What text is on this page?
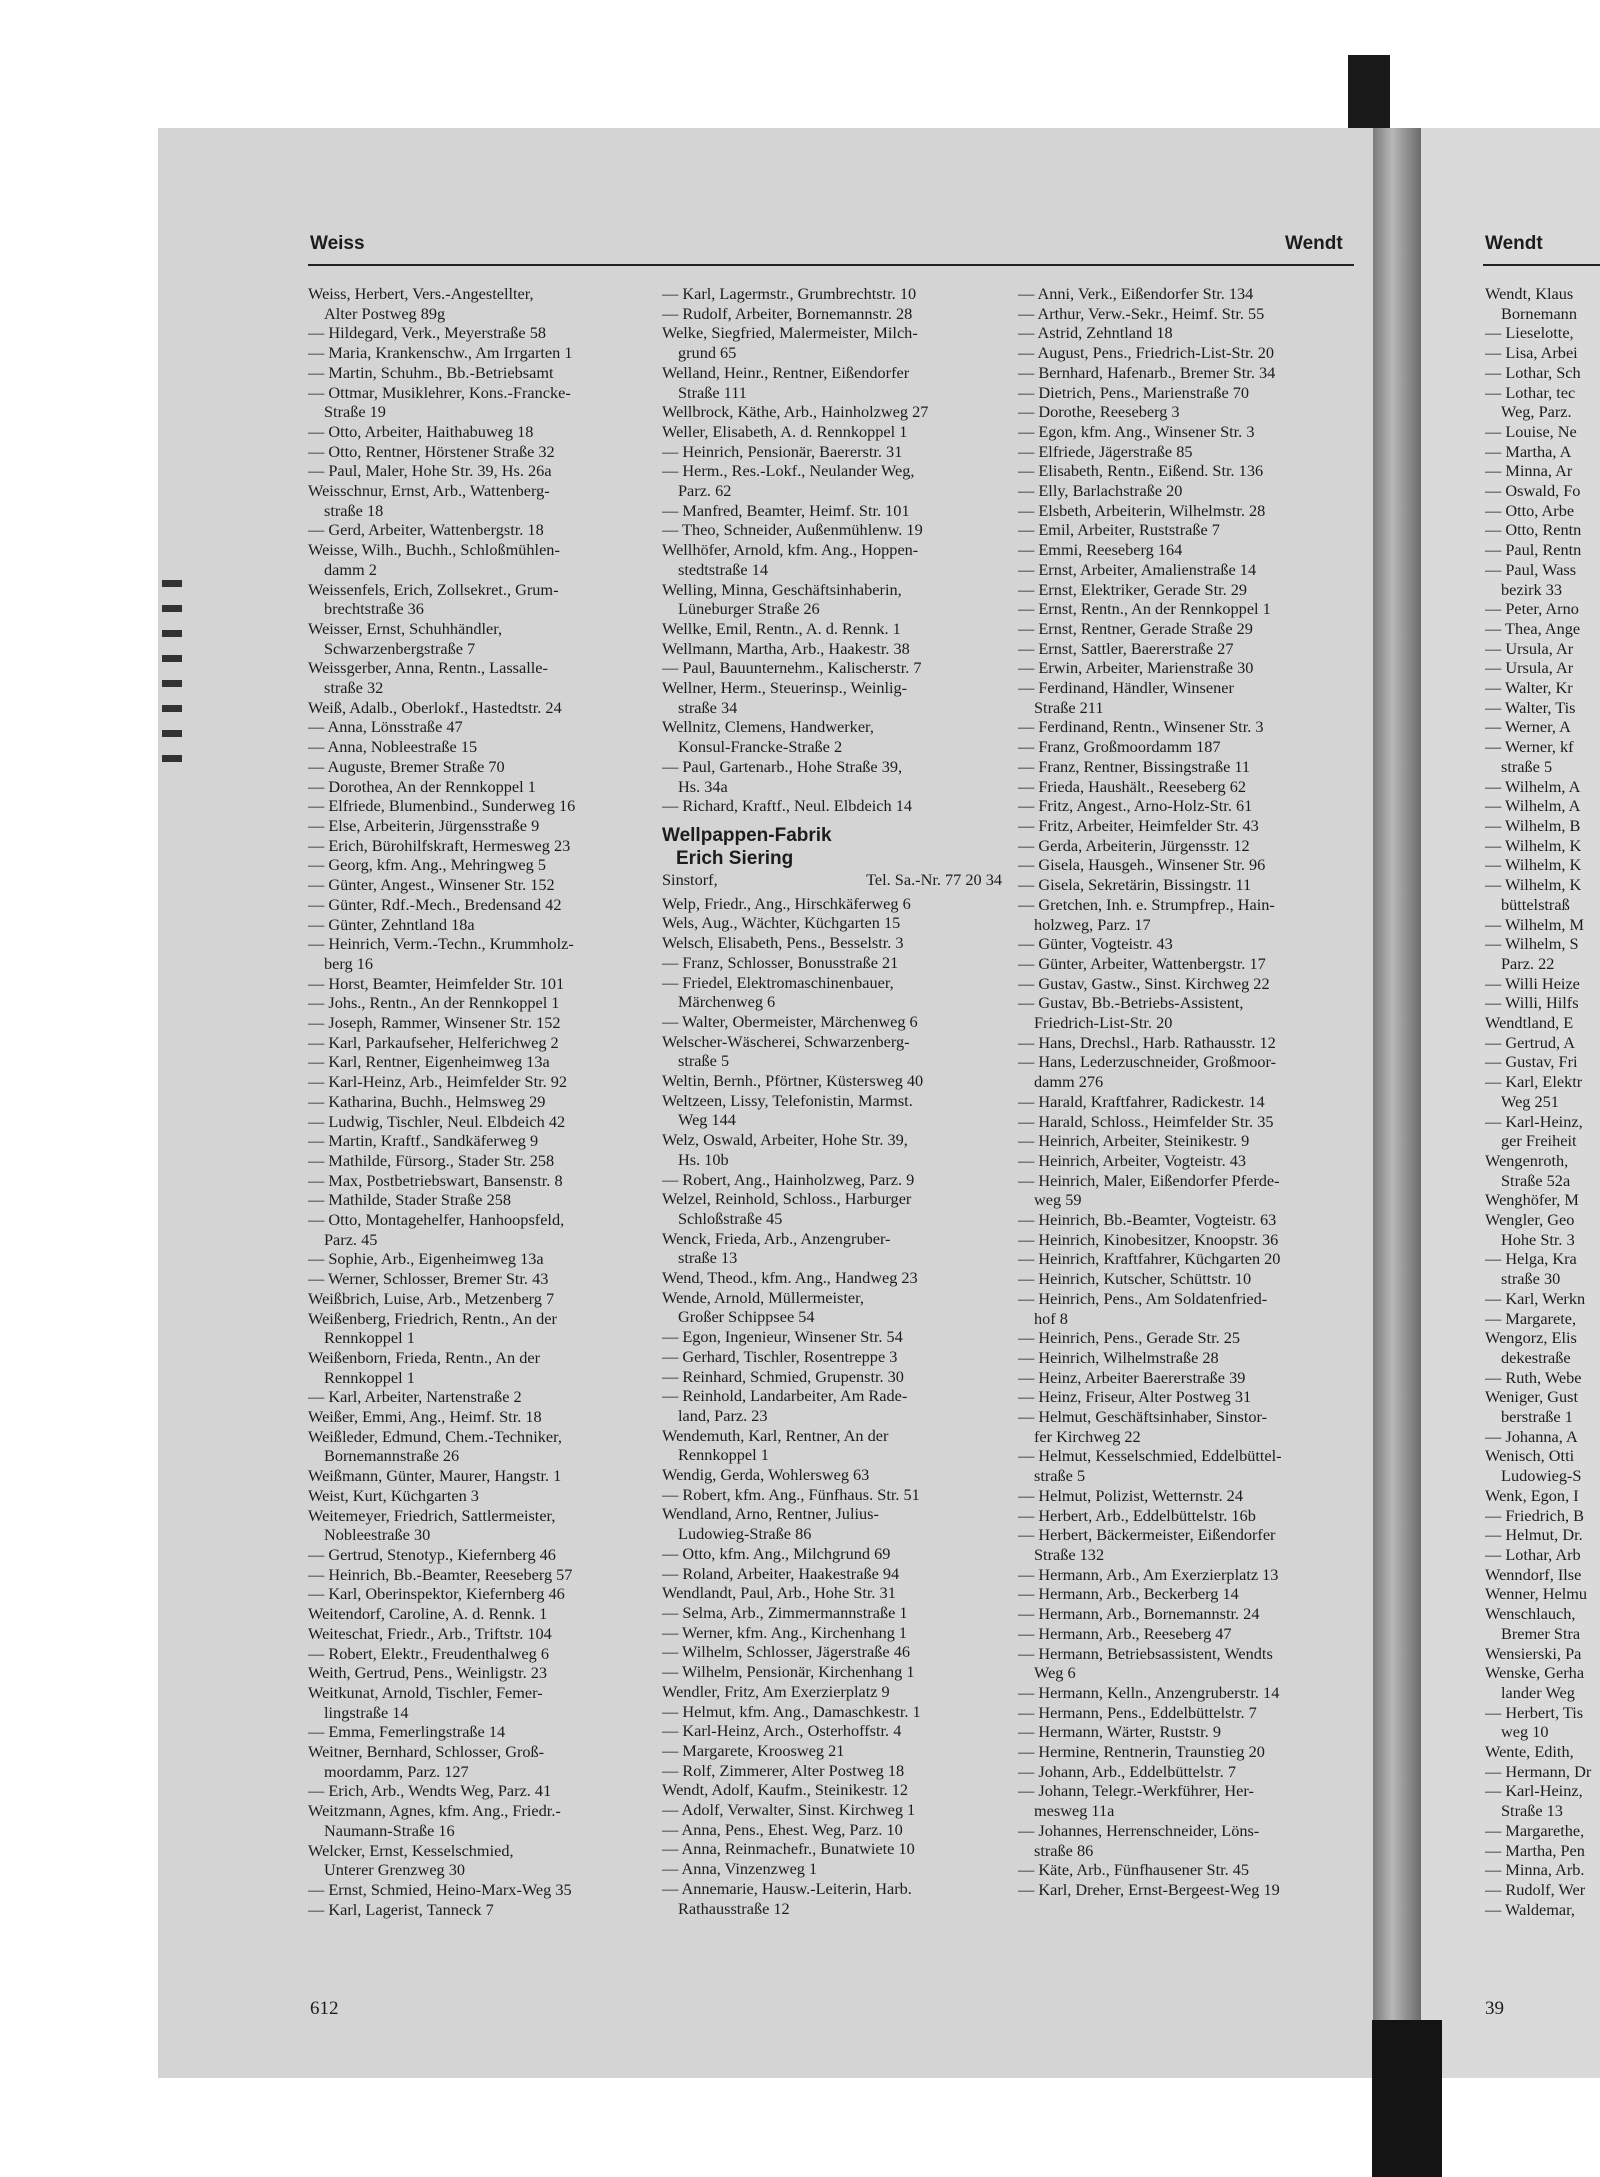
Weiss	Wendt
Weiss, Herbert, Vers.-Angestellter,
Alter Postweg 89g
— Hildegard, Verk., Meyerstraße 58
— Maria, Krankenschw., Am Irrgarten 1
— Martin, Schuhm., Bb.-Betriebsamt
— Ottmar, Musiklehrer, Kons.-Francke-
Straße 19
— Otto, Arbeiter, Haithabuweg 18
— Otto, Rentner, Hörstener Straße 32
— Paul, Maler, Hohe Str. 39, Hs. 26a
Weisschnur, Ernst, Arb., Wattenberg-
straße 18
— Gerd, Arbeiter, Wattenbergstr. 18
Weisse, Wilh., Buchh., Schloßmühlen-
damm 2
Weissenfels, Erich, Zollsekret., Grum-
brechtstraße 36
Weisser, Ernst, Schuhhändler,
Schwarzenbergstraße 7
Weissgerber, Anna, Rentn., Lassalle-
straße 32
Weiß, Adalb., Oberlokf., Hastedtstr. 24
— Anna, Lönsstraße 47
— Anna, Nobleestraße 15
— Auguste, Bremer Straße 70
— Dorothea, An der Rennkoppel 1
— Elfriede, Blumenbind., Sunderweg 16
— Else, Arbeiterin, Jürgensstraße 9
— Erich, Bürohilfskraft, Hermesweg 23
— Georg, kfm. Ang., Mehringweg 5
— Günter, Angest., Winsener Str. 152
— Günter, Rdf.-Mech., Bredensand 42
— Günter, Zehntland 18a
— Heinrich, Verm.-Techn., Krummholz-
berg 16
— Horst, Beamter, Heimfelder Str. 101
— Johs., Rentn., An der Rennkoppel 1
— Joseph, Rammer, Winsener Str. 152
— Karl, Parkaufseher, Helferichweg 2
— Karl, Rentner, Eigenheimweg 13a
— Karl-Heinz, Arb., Heimfelder Str. 92
— Katharina, Buchh., Helmsweg 29
— Ludwig, Tischler, Neul. Elbdeich 42
— Martin, Kraftf., Sandkäferweg 9
— Mathilde, Fürsorg., Stader Str. 258
— Max, Postbetriebswart, Bansenstr. 8
— Mathilde, Stader Straße 258
— Otto, Montagehelfer, Hanhoopsfeld,
Parz. 45
— Sophie, Arb., Eigenheimweg 13a
— Werner, Schlosser, Bremer Str. 43
Weißbrich, Luise, Arb., Metzenberg 7
Weißenberg, Friedrich, Rentn., An der
Rennkoppel 1
Weißenborn, Frieda, Rentn., An der
Rennkoppel 1
— Karl, Arbeiter, Nartenstraße 2
Weißer, Emmi, Ang., Heimf. Str. 18
Weißleder, Edmund, Chem.-Techniker,
Bornemannstraße 26
Weißmann, Günter, Maurer, Hangstr. 1
Weist, Kurt, Küchgarten 3
Weitemeyer, Friedrich, Sattlermeister,
Nobleestraße 30
— Gertrud, Stenotyp., Kiefernberg 46
— Heinrich, Bb.-Beamter, Reeseberg 57
— Karl, Oberinspektor, Kiefernberg 46
Weitendorf, Caroline, A. d. Rennk. 1
Weiteschat, Friedr., Arb., Triftstr. 104
— Robert, Elektr., Freudenthalweg 6
Weith, Gertrud, Pens., Weinligstr. 23
Weitkunat, Arnold, Tischler, Femer-
lingstraße 14
— Emma, Femerlingstraße 14
Weitner, Bernhard, Schlosser, Groß-
moordamm, Parz. 127
— Erich, Arb., Wendts Weg, Parz. 41
Weitzmann, Agnes, kfm. Ang., Friedr.-
Naumann-Straße 16
Welcker, Ernst, Kesselschmied,
Unterer Grenzweg 30
— Ernst, Schmied, Heino-Marx-Weg 35
— Karl, Lagerist, Tanneck 7
— Karl, Lagermstr., Grumbrechtstr. 10
— Rudolf, Arbeiter, Bornemannstr. 28
Welke, Siegfried, Malermeister, Milch-
grund 65
Welland, Heinr., Rentner, Eißendorfer
Straße 111
Wellbrock, Käthe, Arb., Hainholzweg 27
Weller, Elisabeth, A. d. Rennkoppel 1
— Heinrich, Pensionär, Baererstr. 31
— Herm., Res.-Lokf., Neulander Weg,
Parz. 62
— Manfred, Beamter, Heimf. Str. 101
— Theo, Schneider, Außenmühlenw. 19
Wellhöfer, Arnold, kfm. Ang., Hoppen-
stedtstraße 14
Welling, Minna, Geschäftsinhaberin,
Lüneburger Straße 26
Wellke, Emil, Rentn., A. d. Rennk. 1
Wellmann, Martha, Arb., Haakestr. 38
— Paul, Bauunternehm., Kalischerstr. 7
Wellner, Herm., Steuerinsp., Weinlig-
straße 34
Wellnitz, Clemens, Handwerker,
Konsul-Francke-Straße 2
— Paul, Gartenarb., Hohe Straße 39,
Hs. 34a
— Richard, Kraftf., Neul. Elbdeich 14
Wellpappen-Fabrik
Erich Siering
Sinstorf,	Tel. Sa.-Nr. 77 20 34
Welp, Friedr., Ang., Hirschkäferweg 6
Wels, Aug., Wächter, Küchgarten 15
Welsch, Elisabeth, Pens., Besselstr. 3
— Franz, Schlosser, Bonusstraße 21
— Friedel, Elektromaschinenbauer,
Märchenweg 6
— Walter, Obermeister, Märchenweg 6
Welscher-Wäscherei, Schwarzenberg-
straße 5
Weltin, Bernh., Pförtner, Küstersweg 40
Weltzeen, Lissy, Telefonistin, Marmst.
Weg 144
Welz, Oswald, Arbeiter, Hohe Str. 39,
Hs. 10b
— Robert, Ang., Hainholzweg, Parz. 9
Welzel, Reinhold, Schloss., Harburger
Schloßstraße 45
Wenck, Frieda, Arb., Anzengruber-
straße 13
Wend, Theod., kfm. Ang., Handweg 23
Wende, Arnold, Müllermeister,
Großer Schippsee 54
— Egon, Ingenieur, Winsener Str. 54
— Gerhard, Tischler, Rosentreppe 3
— Reinhard, Schmied, Grupenstr. 30
— Reinhold, Landarbeiter, Am Rade-
land, Parz. 23
Wendemuth, Karl, Rentner, An der
Rennkoppel 1
Wendig, Gerda, Wohlersweg 63
— Robert, kfm. Ang., Fünfhaus. Str. 51
Wendland, Arno, Rentner, Julius-
Ludowieg-Straße 86
— Otto, kfm. Ang., Milchgrund 69
— Roland, Arbeiter, Haakestraße 94
Wendlandt, Paul, Arb., Hohe Str. 31
— Selma, Arb., Zimmermannstraße 1
— Werner, kfm. Ang., Kirchenhang 1
— Wilhelm, Schlosser, Jägerstraße 46
— Wilhelm, Pensionär, Kirchenhang 1
Wendler, Fritz, Am Exerzierplatz 9
— Helmut, kfm. Ang., Damaschkestr. 1
— Karl-Heinz, Arch., Osterhoffstr. 4
— Margarete, Kroosweg 21
— Rolf, Zimmerer, Alter Postweg 18
Wendt, Adolf, Kaufm., Steinikestr. 12
— Adolf, Verwalter, Sinst. Kirchweg 1
— Anna, Pens., Ehest. Weg, Parz. 10
— Anna, Reinmachefr., Bunatwiete 10
— Anna, Vinzenzweg 1
— Annemarie, Hausw.-Leiterin, Harb.
Rathausstraße 12
— Anni, Verk., Eißendorfer Str. 134
— Arthur, Verw.-Sekr., Heimf. Str. 55
— Astrid, Zehntland 18
— August, Pens., Friedrich-List-Str. 20
— Bernhard, Hafenarb., Bremer Str. 34
— Dietrich, Pens., Marienstraße 70
— Dorothe, Reeseberg 3
— Egon, kfm. Ang., Winsener Str. 3
— Elfriede, Jägerstraße 85
— Elisabeth, Rentn., Eißend. Str. 136
— Elly, Barlachstraße 20
— Elsbeth, Arbeiterin, Wilhelmstr. 28
— Emil, Arbeiter, Ruststraße 7
— Emmi, Reeseberg 164
— Ernst, Arbeiter, Amalienstraße 14
— Ernst, Elektriker, Gerade Str. 29
— Ernst, Rentn., An der Rennkoppel 1
— Ernst, Rentner, Gerade Straße 29
— Ernst, Sattler, Baererstraße 27
— Erwin, Arbeiter, Marienstraße 30
— Ferdinand, Händler, Winsener
Straße 211
— Ferdinand, Rentn., Winsener Str. 3
— Franz, Großmoordamm 187
— Franz, Rentner, Bissingstraße 11
— Frieda, Haushält., Reeseberg 62
— Fritz, Angest., Arno-Holz-Str. 61
— Fritz, Arbeiter, Heimfelder Str. 43
— Gerda, Arbeiterin, Jürgensstr. 12
— Gisela, Hausgeh., Winsener Str. 96
— Gisela, Sekretärin, Bissingstr. 11
— Gretchen, Inh. e. Strumpfrep., Hain-
holzweg, Parz. 17
— Günter, Vogteistr. 43
— Günter, Arbeiter, Wattenbergstr. 17
— Gustav, Gastw., Sinst. Kirchweg 22
— Gustav, Bb.-Betriebs-Assistent,
Friedrich-List-Str. 20
— Hans, Drechsl., Harb. Rathausstr. 12
— Hans, Lederzuschneider, Großmoor-
damm 276
— Harald, Kraftfahrer, Radickestr. 14
— Harald, Schloss., Heimfelder Str. 35
— Heinrich, Arbeiter, Steinikestr. 9
— Heinrich, Arbeiter, Vogteistr. 43
— Heinrich, Maler, Eißendorfer Pferde-
weg 59
— Heinrich, Bb.-Beamter, Vogteistr. 63
— Heinrich, Kinobesitzer, Knoopstr. 36
— Heinrich, Kraftfahrer, Küchgarten 20
— Heinrich, Kutscher, Schüttstr. 10
— Heinrich, Pens., Am Soldatenfried-
hof 8
— Heinrich, Pens., Gerade Str. 25
— Heinrich, Wilhelmstraße 28
— Heinz, Arbeiter Baererstraße 39
— Heinz, Friseur, Alter Postweg 31
— Helmut, Geschäftsinhaber, Sinstor-
fer Kirchweg 22
— Helmut, Kesselschmied, Eddelbüttel-
straße 5
— Helmut, Polizist, Wetternstr. 24
— Herbert, Arb., Eddelbüttelstr. 16b
— Herbert, Bäckermeister, Eißendorfer
Straße 132
— Hermann, Arb., Am Exerzierplatz 13
— Hermann, Arb., Beckerberg 14
— Hermann, Arb., Bornemannstr. 24
— Hermann, Arb., Reeseberg 47
— Hermann, Betriebsassistent, Wendts
Weg 6
— Hermann, Kelln., Anzengruberstr. 14
— Hermann, Pens., Eddelbüttelstr. 7
— Hermann, Wärter, Ruststr. 9
— Hermine, Rentnerin, Traunstieg 20
— Johann, Arb., Eddelbüttelstr. 7
— Johann, Telegr.-Werkführer, Her-
mesweg 11a
— Johannes, Herrenschneider, Löns-
straße 86
— Käte, Arb., Fünfhausener Str. 45
— Karl, Dreher, Ernst-Bergeest-Weg 19
612
Wendt
Wendt, Klaus
Bornemann
— Lieselotte,
— Lisa, Arbei
— Lothar, Sch
— Lothar, tec
Weg, Parz.
— Louise, Ne
— Martha, A
— Minna, Ar
— Oswald, Fo
— Otto, Arbe
— Otto, Rentn
— Paul, Rentn
— Paul, Wass
bezirk 33
— Peter, Arno
— Thea, Ange
— Ursula, Ar
— Ursula, Ar
— Walter, Kr
— Walter, Tis
— Werner, A
— Werner, kf
straße 5
— Wilhelm, A
— Wilhelm, A
— Wilhelm, B
— Wilhelm, K
— Wilhelm, K
— Wilhelm, K
büttelstraß
— Wilhelm, M
— Wilhelm, S
Parz. 22
— Willi Heize
— Willi, Hilfs
Wendtland, E
— Gertrud, A
— Gustav, Fri
— Karl, Elektr
Weg 251
— Karl-Heinz,
ger Freiheit
Wengenroth,
Straße 52a
Wenghöfer, M
Wengler, Geo
Hohe Str. 3
— Helga, Kra
straße 30
— Karl, Werkn
— Margarete,
Wengorz, Elis
dekestraße
— Ruth, Webe
Weniger, Gust
berstraße 1
— Johanna, A
Wenisch, Otti
Ludowieg-S
Wenk, Egon, I
— Friedrich, B
— Helmut, Dr.
— Lothar, Arb
Wenndorf, Ilse
Wenner, Helmu
Wenschlauch,
Bremer Stra
Wensierski, Pa
Wenske, Gerha
lander Weg
— Herbert, Tis
weg 10
Wente, Edith,
— Hermann, Dr
— Karl-Heinz,
Straße 13
— Margarethe,
— Martha, Pen
— Minna, Arb.
— Rudolf, Wer
— Waldemar,
39
